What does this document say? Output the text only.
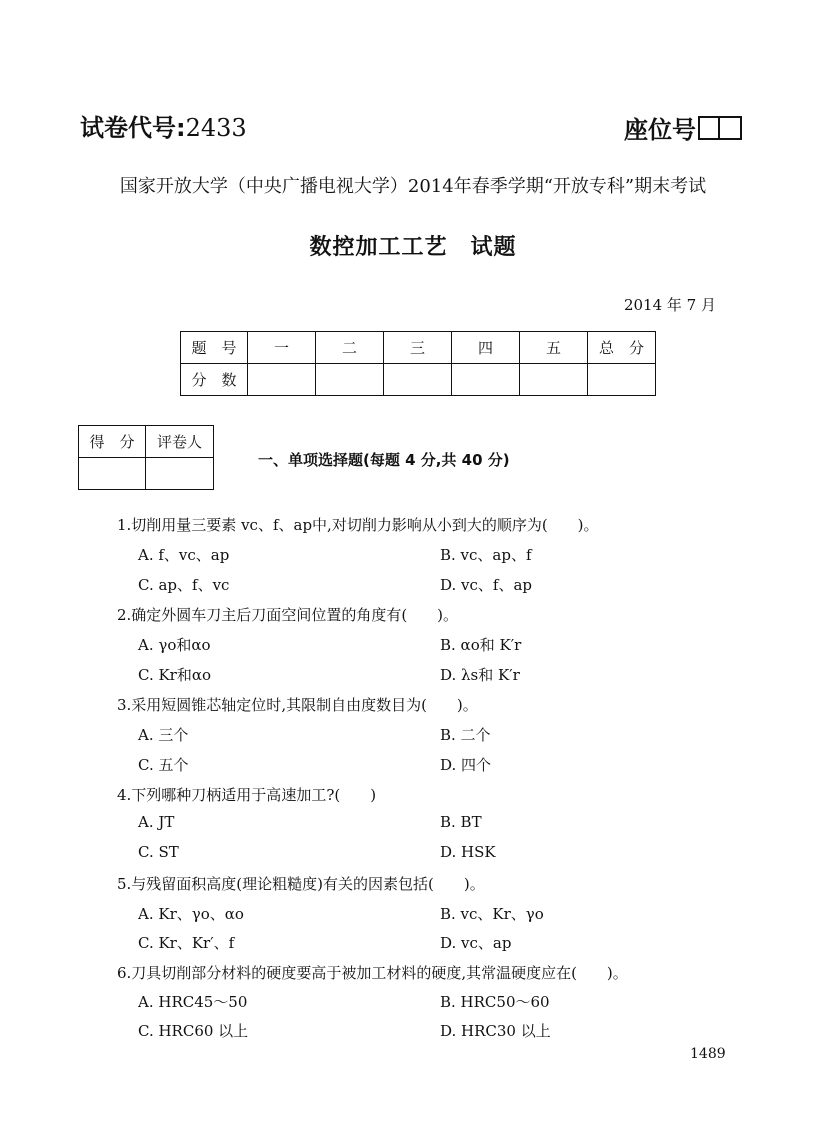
试卷代号:2433	座位号
国家开放大学（中央广播电视大学）2014年春季学期“开放专科”期末考试
数控加工工艺　试题
2014 年 7 月
题　号	一	二	三	四	五	总　分
分　数						
得　分	评卷人

一、单项选择题(每题 4 分,共 40 分)
1.切削用量三要素 vc、f、ap中,对切削力影响从小到大的顺序为(　　)。
A. f、vc、ap	B. vc、ap、f
C. ap、f、vc	D. vc、f、ap
2.确定外圆车刀主后刀面空间位置的角度有(　　)。
A. γo和αo	B. αo和 K′r
C. Kr和αo	D. λs和 K′r
3.采用短圆锥芯轴定位时,其限制自由度数目为(　　)。
A. 三个	B. 二个
C. 五个	D. 四个
4.下列哪种刀柄适用于高速加工?(　　)
A. JT	B. BT
C. ST	D. HSK
5.与残留面积高度(理论粗糙度)有关的因素包括(　　)。
A. Kr、γo、αo	B. vc、Kr、γo
C. Kr、Kr′、f	D. vc、ap
6.刀具切削部分材料的硬度要高于被加工材料的硬度,其常温硬度应在(　　)。
A. HRC45～50	B. HRC50～60
C. HRC60 以上	D. HRC30 以上
1489
